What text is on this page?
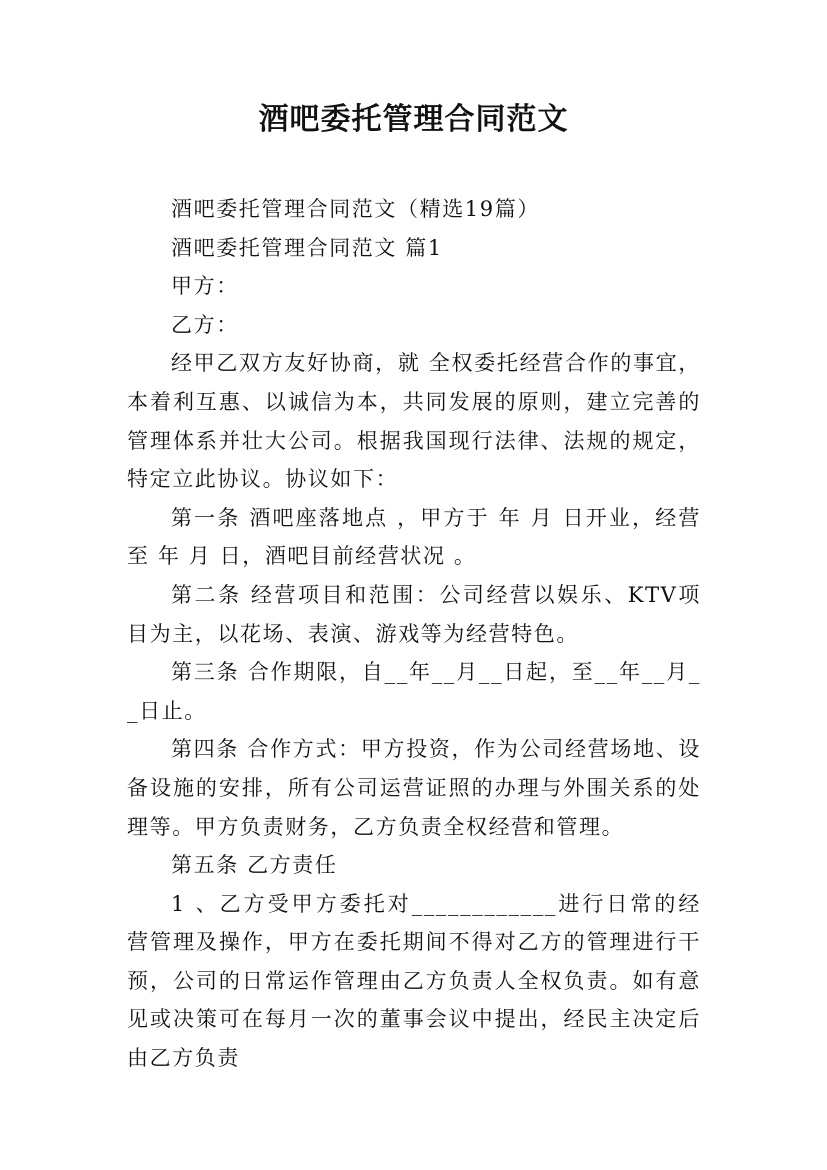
酒吧委托管理合同范文

酒吧委托管理合同范文（精选19篇）

酒吧委托管理合同范文 篇1

甲方：

乙方：

经甲乙双方友好协商，就 全权委托经营合作的事宜，本着利互惠、以诚信为本，共同发展的原则，建立完善的管理体系并壮大公司。根据我国现行法律、法规的规定，特定立此协议。协议如下：

第一条 酒吧座落地点 ，甲方于 年 月 日开业，经营至 年 月 日，酒吧目前经营状况 。

第二条 经营项目和范围：公司经营以娱乐、KTV项目为主，以花场、表演、游戏等为经营特色。

第三条 合作期限，自__年__月__日起，至__年__月__日止。

第四条 合作方式：甲方投资，作为公司经营场地、设备设施的安排，所有公司运营证照的办理与外围关系的处理等。甲方负责财务，乙方负责全权经营和管理。

第五条 乙方责任

1 、乙方受甲方委托对____________进行日常的经营管理及操作，甲方在委托期间不得对乙方的管理进行干预，公司的日常运作管理由乙方负责人全权负责。如有意见或决策可在每月一次的董事会议中提出，经民主决定后由乙方负责
